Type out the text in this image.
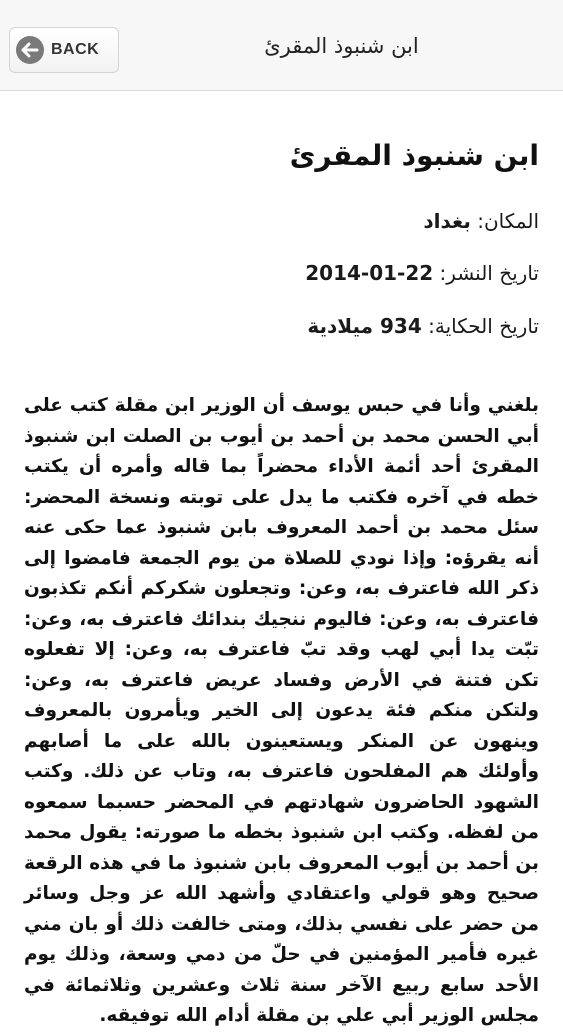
BACK	ابن شنبوذ المقرئ
ابن شنبوذ المقرئ
المكان: بغداد
تاريخ النشر: 2014-01-22
تاريخ الحكاية: 934 ميلادية
بلغني وأنا في حبس يوسف أن الوزير ابن مقلة كتب على أبي الحسن محمد بن أحمد بن أيوب بن الصلت ابن شنبوذ المقرئ أحد أئمة الأداء محضراً بما قاله وأمره أن يكتب خطه في آخره فكتب ما يدل على توبته ونسخة المحضر: سئل محمد بن أحمد المعروف بابن شنبوذ عما حكى عنه أنه يقرؤه: وإذا نودي للصلاة من يوم الجمعة فامضوا إلى ذكر الله فاعترف به، وعن: وتجعلون شكركم أنكم تكذبون فاعترف به، وعن: فاليوم ننجيك بندائك فاعترف به، وعن: تبّت يدا أبي لهب وقد تبّ فاعترف به، وعن: إلا تفعلوه تكن فتنة في الأرض وفساد عريض فاعترف به، وعن: ولتكن منكم فئة يدعون إلى الخير ويأمرون بالمعروف وينهون عن المنكر ويستعينون بالله على ما أصابهم وأولئك هم المفلحون فاعترف به، وتاب عن ذلك. وكتب الشهود الحاضرون شهادتهم في المحضر حسبما سمعوه من لفظه. وكتب ابن شنبوذ بخطه ما صورته: يقول محمد بن أحمد بن أيوب المعروف بابن شنبوذ ما في هذه الرقعة صحيح وهو قولي واعتقادي وأشهد الله عز وجل وسائر من حضر على نفسي بذلك، ومتى خالفت ذلك أو بان مني غيره فأمير المؤمنين في حلّ من دمي وسعة، وذلك يوم الأحد سابع ربيع الآخر سنة ثلاث وعشرين وثلاثمائة في مجلس الوزير أبي علي بن مقلة أدام الله توفيقه.
